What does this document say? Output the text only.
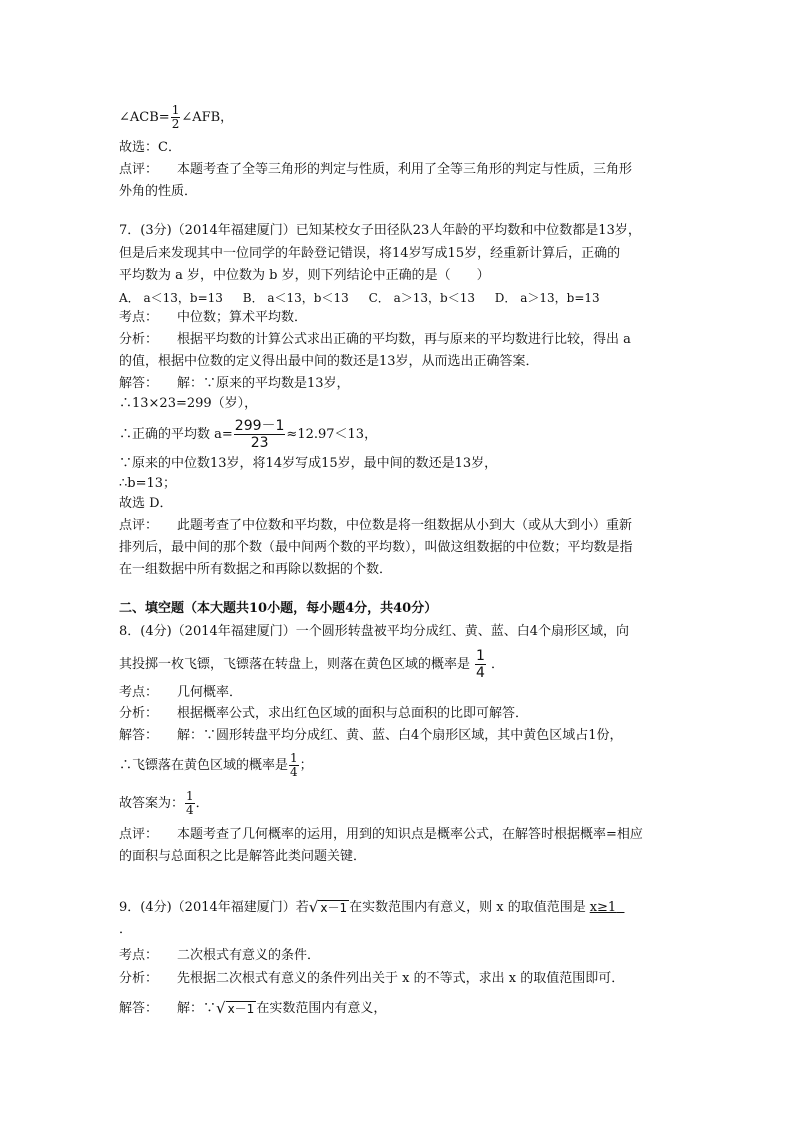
∠ACB= $\frac{1}{2}$ ∠AFB，
故选：C．
点评： 本题考查了全等三角形的判定与性质，利用了全等三角形的判定与性质，三角形
外角的性质．
7．(3分)（2014年福建厦门）已知某校女子田径队23人年龄的平均数和中位数都是13岁，
但是后来发现其中一位同学的年龄登记错误，将14岁写成15岁，经重新计算后，正确的
平均数为 a 岁，中位数为 b 岁，则下列结论中正确的是（　　）
A． a＜13，b=13 B． a＜13，b＜13 C． a＞13，b＜13 D． a＞13，b=13
考点： 中位数；算术平均数．
分析： 根据平均数的计算公式求出正确的平均数，再与原来的平均数进行比较，得出 a
的值，根据中位数的定义得出最中间的数还是13岁，从而选出正确答案．
解答： 解：∵原来的平均数是13岁，
∴13×23=299（岁），
∴正确的平均数 $a= \frac{299-1}{23} \approx 12.97<13$，
∵原来的中位数13岁，将14岁写成15岁，最中间的数还是13岁，
∴b=13；
故选 D．
点评： 此题考查了中位数和平均数，中位数是将一组数据从小到大（或从大到小）重新
排列后，最中间的那个数（最中间两个数的平均数），叫做这组数据的中位数；平均数是指
在一组数据中所有数据之和再除以数据的个数．
二、填空题（本大题共10小题，每小题4分，共40分）
8．(4分)（2014年福建厦门）一个圆形转盘被平均分成红、黄、蓝、白4个扇形区域，向
其投掷一枚飞镖，飞镖落在转盘上，则落在黄色区域的概率是 $\frac{1}{4}$ ．
考点： 几何概率．
分析： 根据概率公式，求出红色区域的面积与总面积的比即可解答．
解答： 解：∵圆形转盘平均分成红、黄、蓝、白4个扇形区域，其中黄色区域占1份，
∴飞镖落在黄色区域的概率是 $\frac{1}{4}$ ；
故答案为： $\frac{1}{4}$ ．
点评： 本题考查了几何概率的运用，用到的知识点是概率公式，在解答时根据概率=相应
的面积与总面积之比是解答此类问题关键．
9．(4分)（2014年福建厦门）若√ x－1 在实数范围内有意义，则 x 的取值范围是 x≥1
．
考点： 二次根式有意义的条件．
分析： 先根据二次根式有意义的条件列出关于 x 的不等式，求出 x 的取值范围即可．
解答： 解：∵√ x－1 在实数范围内有意义，
